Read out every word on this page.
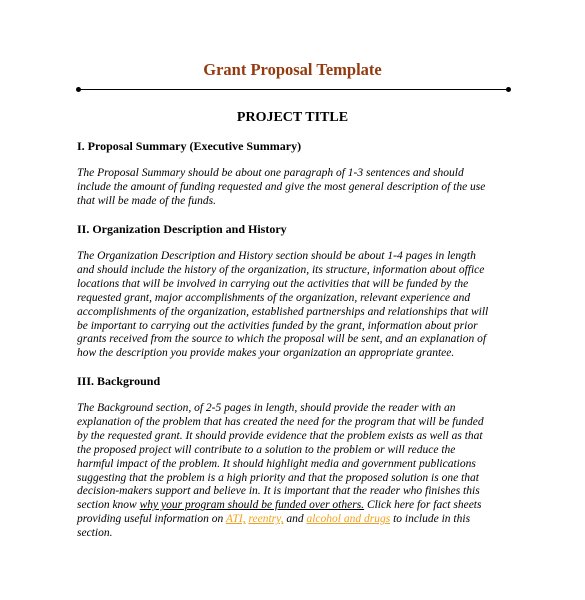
Grant Proposal Template
PROJECT TITLE
I. Proposal Summary (Executive Summary)
The Proposal Summary should be about one paragraph of 1-3 sentences and should
include the amount of funding requested and give the most general description of the use
that will be made of the funds.
II. Organization Description and History
The Organization Description and History section should be about 1-4 pages in length
and should include the history of the organization, its structure, information about office
locations that will be involved in carrying out the activities that will be funded by the
requested grant, major accomplishments of the organization, relevant experience and
accomplishments of the organization, established partnerships and relationships that will
be important to carrying out the activities funded by the grant, information about prior
grants received from the source to which the proposal will be sent, and an explanation of
how the description you provide makes your organization an appropriate grantee.
III. Background
The Background section, of 2-5 pages in length, should provide the reader with an
explanation of the problem that has created the need for the program that will be funded
by the requested grant. It should provide evidence that the problem exists as well as that
the proposed project will contribute to a solution to the problem or will reduce the
harmful impact of the problem. It should highlight media and government publications
suggesting that the problem is a high priority and that the proposed solution is one that
decision-makers support and believe in. It is important that the reader who finishes this
section know why your program should be funded over others. Click here for fact sheets
providing useful information on ATI, reentry, and alcohol and drugs to include in this
section.
